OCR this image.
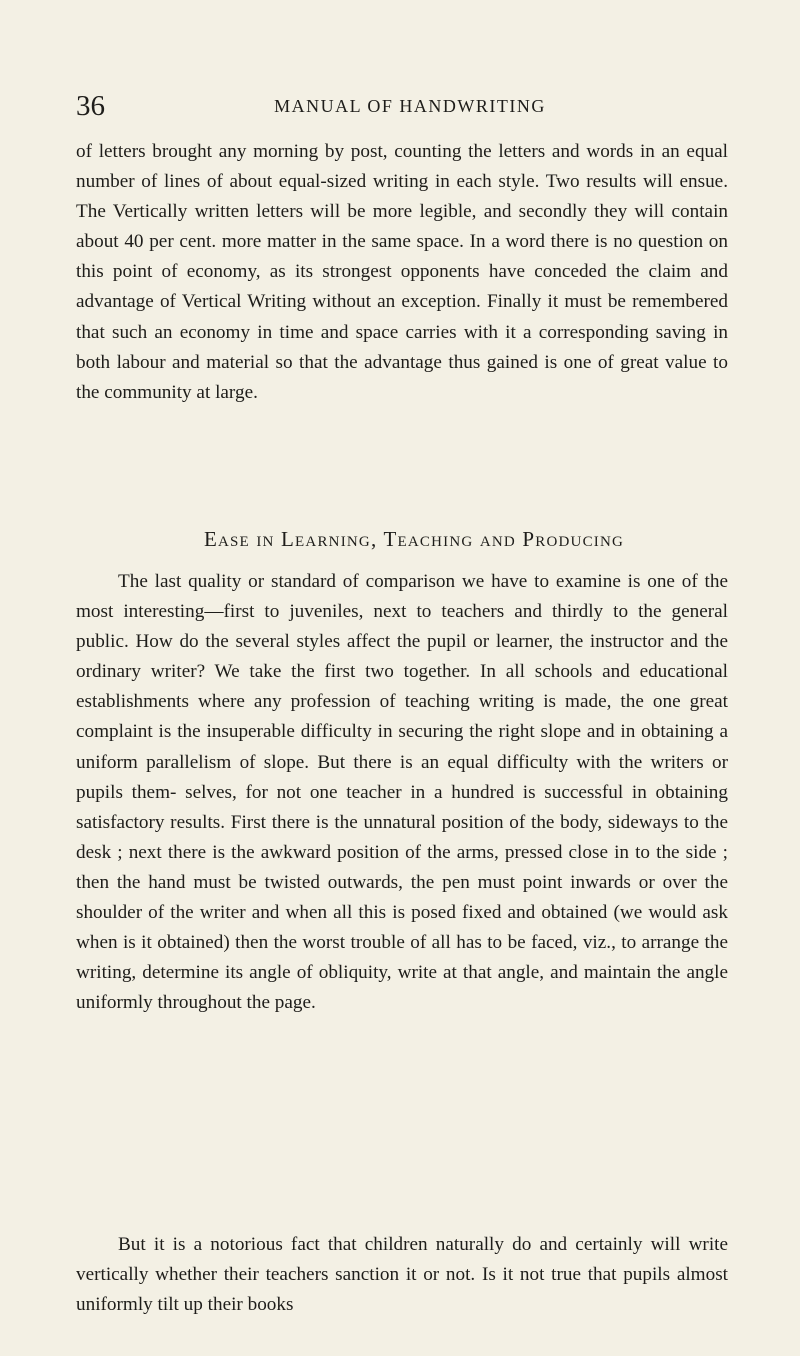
36	MANUAL OF HANDWRITING

of letters brought any morning by post, counting the letters and words in an equal number of lines of about equal-sized writing in each style. Two results will ensue. The Vertically written letters will be more legible, and secondly they will contain about 40 per cent. more matter in the same space. In a word there is no question on this point of economy, as its strongest opponents have conceded the claim and advantage of Vertical Writing without an exception. Finally it must be remembered that such an economy in time and space carries with it a corresponding saving in both labour and material so that the advantage thus gained is one of great value to the community at large.

Ease in Learning, Teaching and Producing

The last quality or standard of comparison we have to examine is one of the most interesting—first to juveniles, next to teachers and thirdly to the general public. How do the several styles affect the pupil or learner, the instructor and the ordinary writer? We take the first two together. In all schools and educational establishments where any profession of teaching writing is made, the one great complaint is the insuperable difficulty in securing the right slope and in obtaining a uniform parallelism of slope. But there is an equal difficulty with the writers or pupils them- selves, for not one teacher in a hundred is successful in obtaining satisfactory results. First there is the unnatural position of the body, sideways to the desk ; next there is the awkward position of the arms, pressed close in to the side ; then the hand must be twisted outwards, the pen must point inwards or over the shoulder of the writer and when all this is posed fixed and obtained (we would ask when is it obtained) then the worst trouble of all has to be faced, viz., to arrange the writing, determine its angle of obliquity, write at that angle, and maintain the angle uniformly throughout the page.

But it is a notorious fact that children naturally do and certainly will write vertically whether their teachers sanction it or not. Is it not true that pupils almost uniformly tilt up their books
